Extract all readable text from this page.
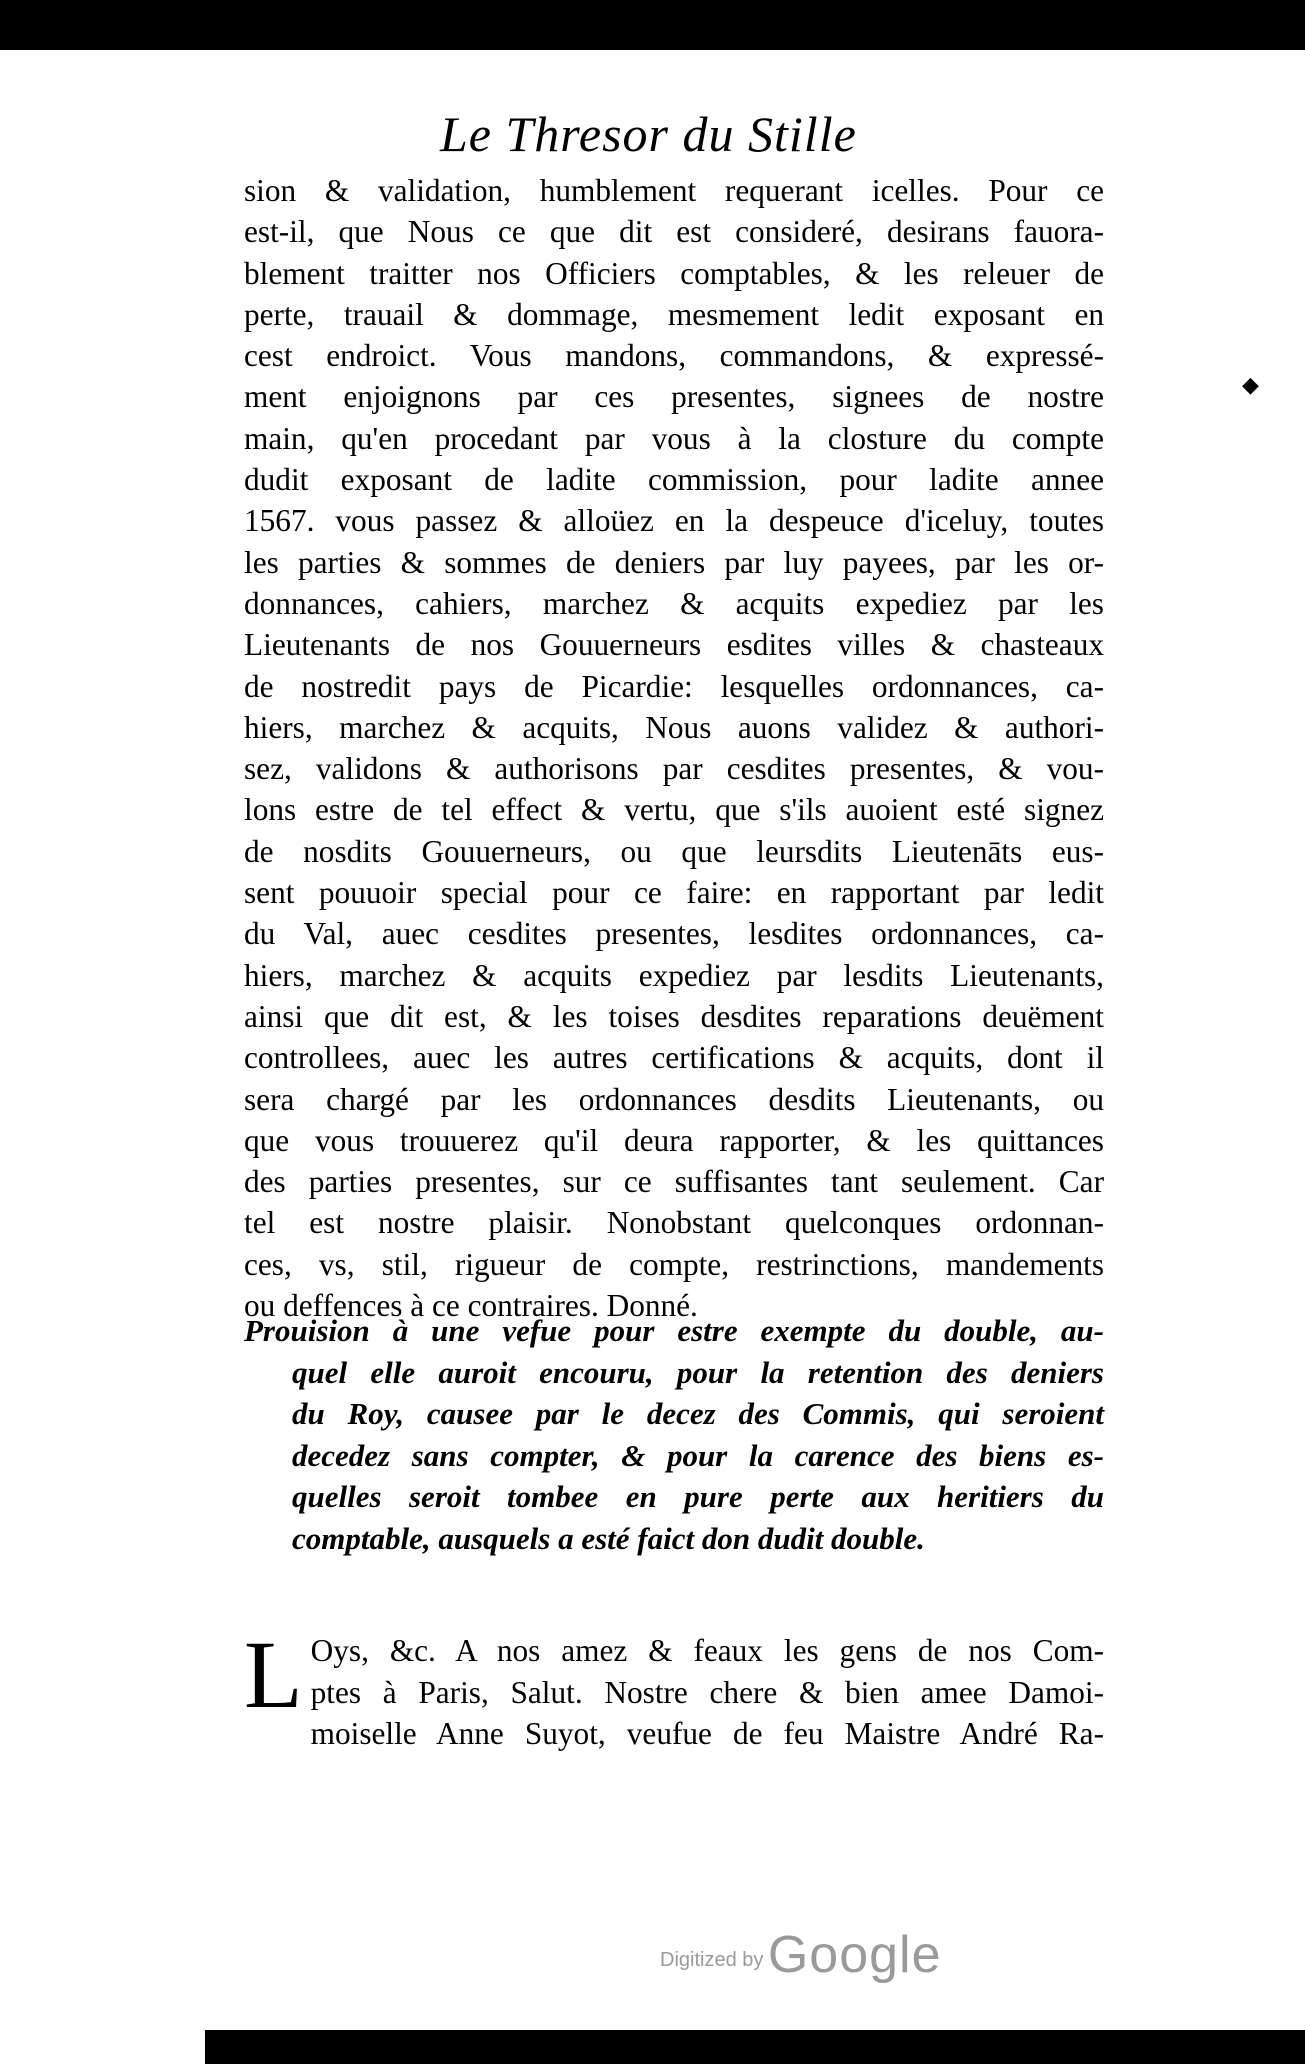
Le Thresor du Stille
sion & validation, humblement requerant icelles. Pour ce
est-il, que Nous ce que dit est consideré, desirans fauora-
blement traitter nos Officiers comptables, & les releuer de
perte, trauail & dommage, mesmement ledit exposant en
cest endroict. Vous mandons, commandons, & expressé-
ment enjoignons par ces presentes, signees de nostre
main, qu'en procedant par vous à la closture du compte
dudit exposant de ladite commission, pour ladite annee
1567. vous passez & alloüez en la despeuce d'iceluy, toutes
les parties & sommes de deniers par luy payees, par les or-
donnances, cahiers, marchez & acquits expediez par les
Lieutenants de nos Gouuerneurs esdites villes & chasteaux
de nostredit pays de Picardie: lesquelles ordonnances, ca-
hiers, marchez & acquits, Nous auons validez & authori-
sez, validons & authorisons par cesdites presentes, & vou-
lons estre de tel effect & vertu, que s'ils auoient esté signez
de nosdits Gouuerneurs, ou que leursdits Lieutenāts eus-
sent pouuoir special pour ce faire: en rapportant par ledit
du Val, auec cesdites presentes, lesdites ordonnances, ca-
hiers, marchez & acquits expediez par lesdits Lieutenants,
ainsi que dit est, & les toises desdites reparations deuëment
controllees, auec les autres certifications & acquits, dont il
sera chargé par les ordonnances desdits Lieutenants, ou
que vous trouuerez qu'il deura rapporter, & les quittances
des parties presentes, sur ce suffisantes tant seulement. Car
tel est nostre plaisir. Nonobstant quelconques ordonnan-
ces, vs, stil, rigueur de compte, restrinctions, mandements
ou deffences à ce contraires. Donné.
◆
Prouision à une vefue pour estre exempte du double, au-
quel elle auroit encouru, pour la retention des deniers
du Roy, causee par le decez des Commis, qui seroient
decedez sans compter, & pour la carence des biens es-
quelles seroit tombee en pure perte aux heritiers du
comptable, ausquels a esté faict don dudit double.
L Oys, &c. A nos amez & feaux les gens de nos Com-
ptes à Paris, Salut. Nostre chere & bien amee Damoi-
moiselle Anne Suyot, veufue de feu Maistre André Ra-
Digitized by Google
